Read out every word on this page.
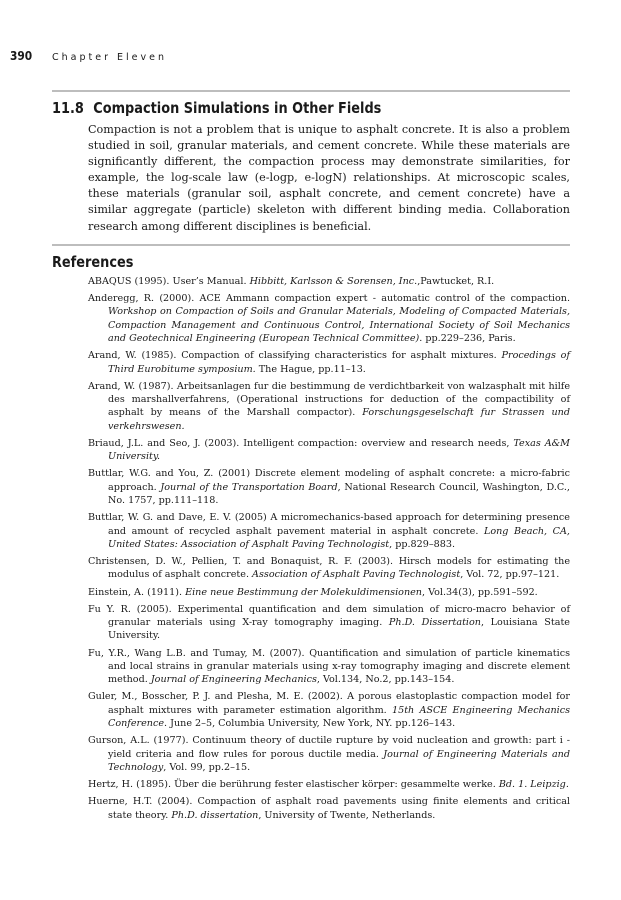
390	Chapter Eleven
11.8 Compaction Simulations in Other Fields

Compaction is not a problem that is unique to asphalt concrete. It is also a problem studied in soil, granular materials, and cement concrete. While these materials are significantly different, the compaction process may demonstrate similarities, for example, the log-scale law (e-logp, e-logN) relationships. At microscopic scales, these materials (granular soil, asphalt concrete, and cement concrete) have a similar aggregate (particle) skeleton with different binding media. Collaboration research among different disciplines is beneficial.

References
ABAQUS (1995). User’s Manual. Hibbitt, Karlsson & Sorensen, Inc.,Pawtucket, R.I.
Anderegg, R. (2000). ACE Ammann compaction expert - automatic control of the compaction. Workshop on Compaction of Soils and Granular Materials, Modeling of Compacted Materials, Compaction Management and Continuous Control, International Society of Soil Mechanics and Geotechnical Engineering (European Technical Committee). pp.229–236, Paris.
Arand, W. (1985). Compaction of classifying characteristics for asphalt mixtures. Procedings of Third Eurobitume symposium. The Hague, pp.11–13.
Arand, W. (1987). Arbeitsanlagen fur die bestimmung de verdichtbarkeit von walzasphalt mit hilfe des marshallverfahrens, (Operational instructions for deduction of the compactibility of asphalt by means of the Marshall compactor). Forschungsgeselschaft fur Strassen und verkehrswesen.
Briaud, J.L. and Seo, J. (2003). Intelligent compaction: overview and research needs, Texas A&M University.
Buttlar, W.G. and You, Z. (2001) Discrete element modeling of asphalt concrete: a micro-fabric approach. Journal of the Transportation Board, National Research Council, Washington, D.C., No. 1757, pp.111–118.
Buttlar, W. G. and Dave, E. V. (2005) A micromechanics-based approach for determining presence and amount of recycled asphalt pavement material in asphalt concrete. Long Beach, CA, United States: Association of Asphalt Paving Technologist, pp.829–883.
Christensen, D. W., Pellien, T. and Bonaquist, R. F. (2003). Hirsch models for estimating the modulus of asphalt concrete. Association of Asphalt Paving Technologist, Vol. 72, pp.97–121.
Einstein, A. (1911). Eine neue Bestimmung der Molekuldimensionen, Vol.34(3), pp.591–592.
Fu Y. R. (2005). Experimental quantification and dem simulation of micro-macro behavior of granular materials using X-ray tomography imaging. Ph.D. Dissertation, Louisiana State University.
Fu, Y.R., Wang L.B. and Tumay, M. (2007). Quantification and simulation of particle kinematics and local strains in granular materials using x-ray tomography imaging and discrete element method. Journal of Engineering Mechanics, Vol.134, No.2, pp.143–154.
Guler, M., Bosscher, P. J. and Plesha, M. E. (2002). A porous elastoplastic compaction model for asphalt mixtures with parameter estimation algorithm. 15th ASCE Engineering Mechanics Conference. June 2–5, Columbia University, New York, NY. pp.126–143.
Gurson, A.L. (1977). Continuum theory of ductile rupture by void nucleation and growth: part i - yield criteria and flow rules for porous ductile media. Journal of Engineering Materials and Technology, Vol. 99, pp.2–15.
Hertz, H. (1895). Über die berührung fester elastischer körper: gesammelte werke. Bd. 1. Leipzig.
Huerne, H.T. (2004). Compaction of asphalt road pavements using finite elements and critical state theory. Ph.D. dissertation, University of Twente, Netherlands.
